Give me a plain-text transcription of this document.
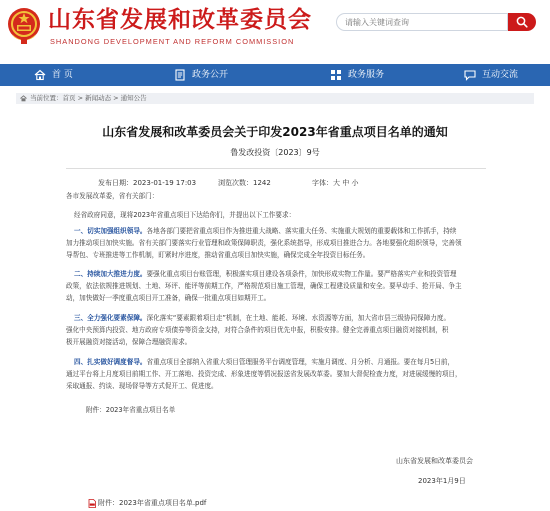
山东省发展和改革委员会
SHANDONG DEVELOPMENT AND REFORM COMMISSION
请输入关键词查询
首 页	政务公开	政务服务	互动交流
当前位置：首页 > 新闻动态 > 通知公告
山东省发展和改革委员会关于印发2023年省重点项目名单的通知
鲁发改投资〔2023〕9号
发布日期：2023-01-19 17:03	浏览次数：1242	字体：大 中 小
各市发展改革委，省有关部门：
经省政府同意，现将2023年省重点项目下达给你们，并提出以下工作要求：
一、切实加强组织领导。各地各部门要把省重点项目作为推进重大战略、落实重大任务、实施重大规划的重要载体和工作抓手，持续
加力推动项目加快实施。省有关部门要落实行业管理和政策保障职责，强化系统指导，形成项目推进合力。各地要强化组织领导，完善领
导帮包、专班推进等工作机制，盯紧时序进度，推动省重点项目加快实施，确保完成全年投资目标任务。
二、持续加大推进力度。要强化重点项目台账管理，积极落实项目建设各项条件，加快形成实物工作量。要严格落实产业和投资管理
政策，依法依规推进规划、土地、环评、能评等前期工作，严格规范项目施工管理，确保工程建设质量和安全。要早动手、抢开局、争主
动，加快做好一季度重点项目开工准备，确保一批重点项目如期开工。
三、全力强化要素保障。深化落实“要素跟着项目走”机制，在土地、能耗、环境、水资源等方面，加大省市县三级协同保障力度。
强化中央预算内投资、地方政府专项债券等资金支持，对符合条件的项目优先申报，积极安排。健全完善重点项目融资对接机制，积
极开展融资对接活动，保障合理融资需求。
四、扎实做好调度督导。省重点项目全部纳入省重大项目管理服务平台调度管理，实施月调度、月分析、月通报。要在每月5日前，
通过平台将上月度项目前期工作、开工落地、投资完成、形象进度等情况报送省发展改革委。要加大督促检查力度，对进展缓慢的项目，
采取通报、约谈、现场督导等方式促开工、促进度。
附件：2023年省重点项目名单
山东省发展和改革委员会
2023年1月9日
附件：2023年省重点项目名单.pdf
